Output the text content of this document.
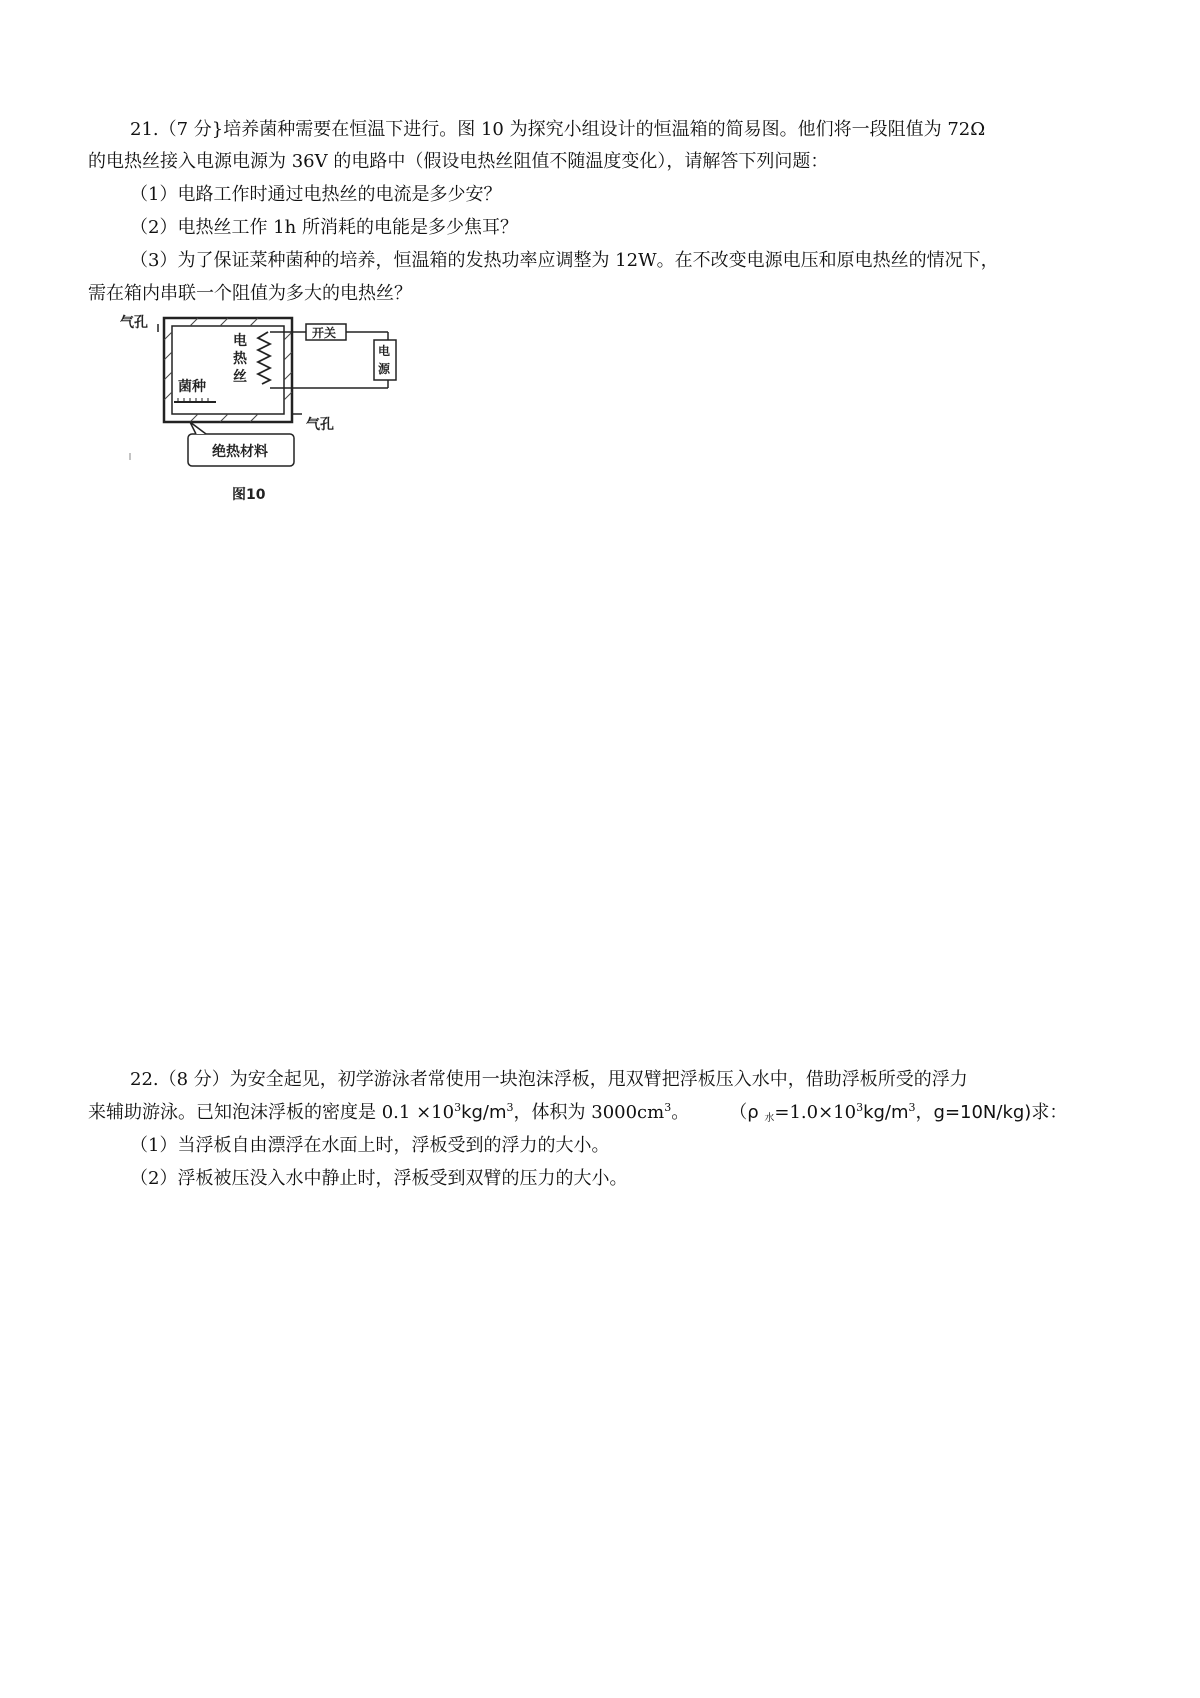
21.（7 分}培养菌种需要在恒温下进行。图 10 为探究小组设计的恒温箱的简易图。他们将一段阻值为 72Ω
的电热丝接入电源电源为 36V 的电路中（假设电热丝阻值不随温度变化），请解答下列问题：
（1）电路工作时通过电热丝的电流是多少安？
（2）电热丝工作 1h 所消耗的电能是多少焦耳？
（3）为了保证菜种菌种的培养，恒温箱的发热功率应调整为 12W。在不改变电源电压和原电热丝的情况下，
需在箱内串联一个阻值为多大的电热丝？
气孔
电
热
丝
开关
电
源
菌种
气孔
绝热材料
图10
22.（8 分）为安全起见，初学游泳者常使用一块泡沫浮板，甩双臂把浮板压入水中，借助浮板所受的浮力
来辅助游泳。已知泡沫浮板的密度是 $0.1 \times 10^3kg/m^3$，体积为 $3000cm^3$。 （ρ $_水=1.0\times 10^3kg/m^3$，g=10N/kg)求：
（1）当浮板自由漂浮在水面上时，浮板受到的浮力的大小。
（2）浮板被压没入水中静止时，浮板受到双臂的压力的大小。
